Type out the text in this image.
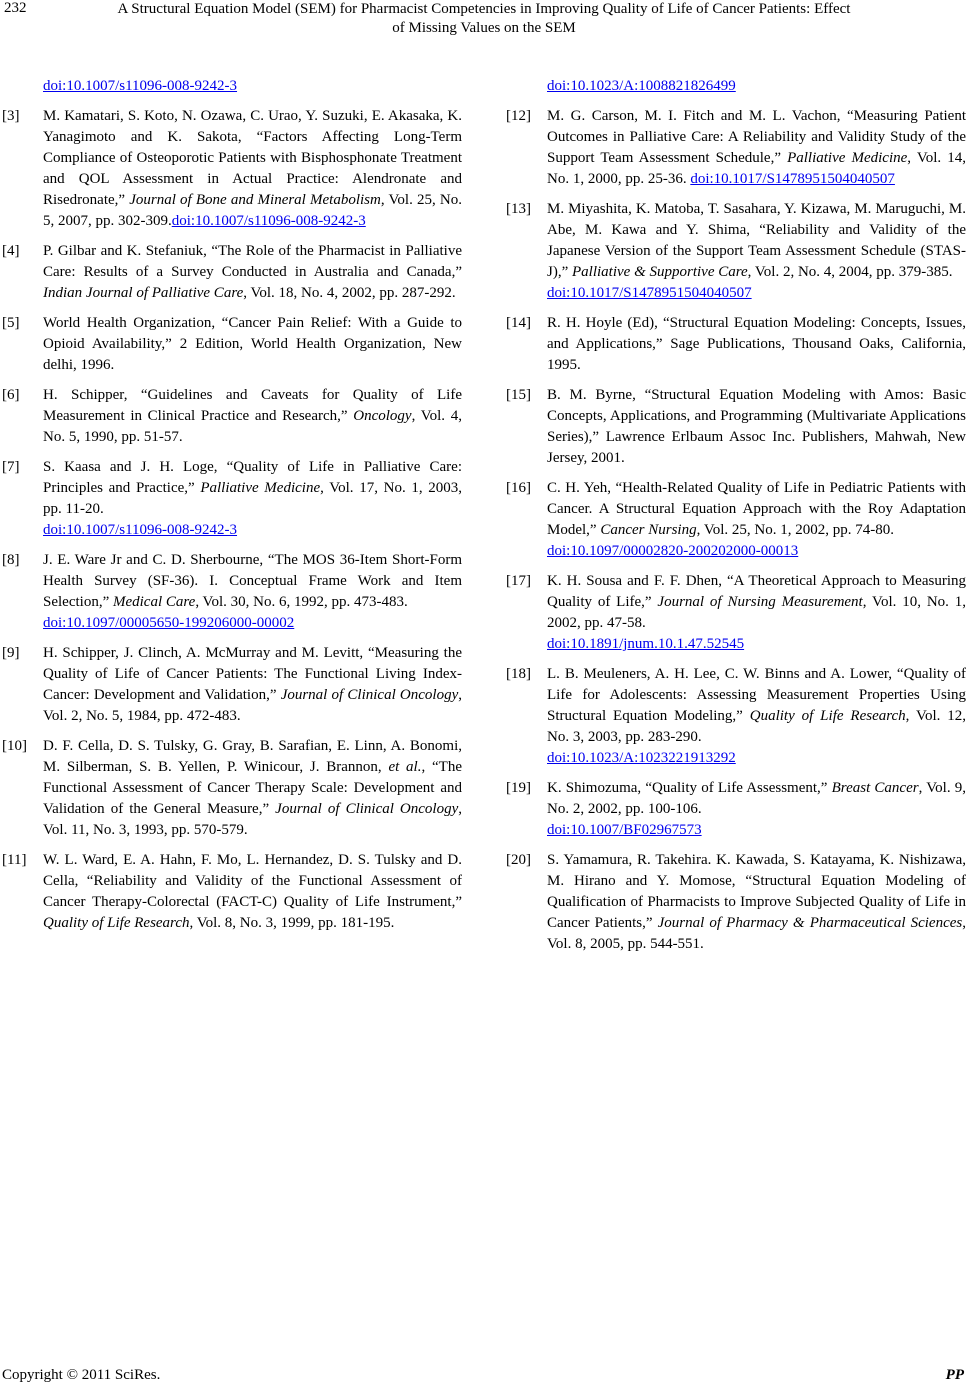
232	A Structural Equation Model (SEM) for Pharmacist Competencies in Improving Quality of Life of Cancer Patients: Effect
of Missing Values on the SEM
doi:10.1007/s11096-008-9242-3
[3] M. Kamatari, S. Koto, N. Ozawa, C. Urao, Y. Suzuki, E. Akasaka, K. Yanagimoto and K. Sakota, “Factors Affecting Long-Term Compliance of Osteoporotic Patients with Bisphosphonate Treatment and QOL Assessment in Actual Practice: Alendronate and Risedronate,” Journal of Bone and Mineral Metabolism, Vol. 25, No. 5, 2007, pp. 302-309.doi:10.1007/s11096-008-9242-3
[4] P. Gilbar and K. Stefaniuk, “The Role of the Pharmacist in Palliative Care: Results of a Survey Conducted in Australia and Canada,” Indian Journal of Palliative Care, Vol. 18, No. 4, 2002, pp. 287-292.
[5] World Health Organization, “Cancer Pain Relief: With a Guide to Opioid Availability,” 2 Edition, World Health Organization, New delhi, 1996.
[6] H. Schipper, “Guidelines and Caveats for Quality of Life Measurement in Clinical Practice and Research,” Oncology, Vol. 4, No. 5, 1990, pp. 51-57.
[7] S. Kaasa and J. H. Loge, “Quality of Life in Palliative Care: Principles and Practice,” Palliative Medicine, Vol. 17, No. 1, 2003, pp. 11-20.
doi:10.1007/s11096-008-9242-3
[8] J. E. Ware Jr and C. D. Sherbourne, “The MOS 36-Item Short-Form Health Survey (SF-36). I. Conceptual Frame Work and Item Selection,” Medical Care, Vol. 30, No. 6, 1992, pp. 473-483.
doi:10.1097/00005650-199206000-00002
[9] H. Schipper, J. Clinch, A. McMurray and M. Levitt, “Measuring the Quality of Life of Cancer Patients: The Functional Living Index-Cancer: Development and Validation,” Journal of Clinical Oncology, Vol. 2, No. 5, 1984, pp. 472-483.
[10] D. F. Cella, D. S. Tulsky, G. Gray, B. Sarafian, E. Linn, A. Bonomi, M. Silberman, S. B. Yellen, P. Winicour, J. Brannon, et al., “The Functional Assessment of Cancer Therapy Scale: Development and Validation of the General Measure,” Journal of Clinical Oncology, Vol. 11, No. 3, 1993, pp. 570-579.
[11] W. L. Ward, E. A. Hahn, F. Mo, L. Hernandez, D. S. Tulsky and D. Cella, “Reliability and Validity of the Functional Assessment of Cancer Therapy-Colorectal (FACT-C) Quality of Life Instrument,” Quality of Life Research, Vol. 8, No. 3, 1999, pp. 181-195.
doi:10.1023/A:1008821826499
[12] M. G. Carson, M. I. Fitch and M. L. Vachon, “Measuring Patient Outcomes in Palliative Care: A Reliability and Validity Study of the Support Team Assessment Schedule,” Palliative Medicine, Vol. 14, No. 1, 2000, pp. 25-36. doi:10.1017/S1478951504040507
[13] M. Miyashita, K. Matoba, T. Sasahara, Y. Kizawa, M. Maruguchi, M. Abe, M. Kawa and Y. Shima, “Reliability and Validity of the Japanese Version of the Support Team Assessment Schedule (STAS-J),” Palliative & Supportive Care, Vol. 2, No. 4, 2004, pp. 379-385.
doi:10.1017/S1478951504040507
[14] R. H. Hoyle (Ed), “Structural Equation Modeling: Concepts, Issues, and Applications,” Sage Publications, Thousand Oaks, California, 1995.
[15] B. M. Byrne, “Structural Equation Modeling with Amos: Basic Concepts, Applications, and Programming (Multivariate Applications Series),” Lawrence Erlbaum Assoc Inc. Publishers, Mahwah, New Jersey, 2001.
[16] C. H. Yeh, “Health-Related Quality of Life in Pediatric Patients with Cancer. A Structural Equation Approach with the Roy Adaptation Model,” Cancer Nursing, Vol. 25, No. 1, 2002, pp. 74-80.
doi:10.1097/00002820-200202000-00013
[17] K. H. Sousa and F. F. Dhen, “A Theoretical Approach to Measuring Quality of Life,” Journal of Nursing Measurement, Vol. 10, No. 1, 2002, pp. 47-58.
doi:10.1891/jnum.10.1.47.52545
[18] L. B. Meuleners, A. H. Lee, C. W. Binns and A. Lower, “Quality of Life for Adolescents: Assessing Measurement Properties Using Structural Equation Modeling,” Quality of Life Research, Vol. 12, No. 3, 2003, pp. 283-290.
doi:10.1023/A:1023221913292
[19] K. Shimozuma, “Quality of Life Assessment,” Breast Cancer, Vol. 9, No. 2, 2002, pp. 100-106.
doi:10.1007/BF02967573
[20] S. Yamamura, R. Takehira. K. Kawada, S. Katayama, K. Nishizawa, M. Hirano and Y. Momose, “Structural Equation Modeling of Qualification of Pharmacists to Improve Subjected Quality of Life in Cancer Patients,” Journal of Pharmacy & Pharmaceutical Sciences, Vol. 8, 2005, pp. 544-551.
Copyright © 2011 SciRes.	PP
